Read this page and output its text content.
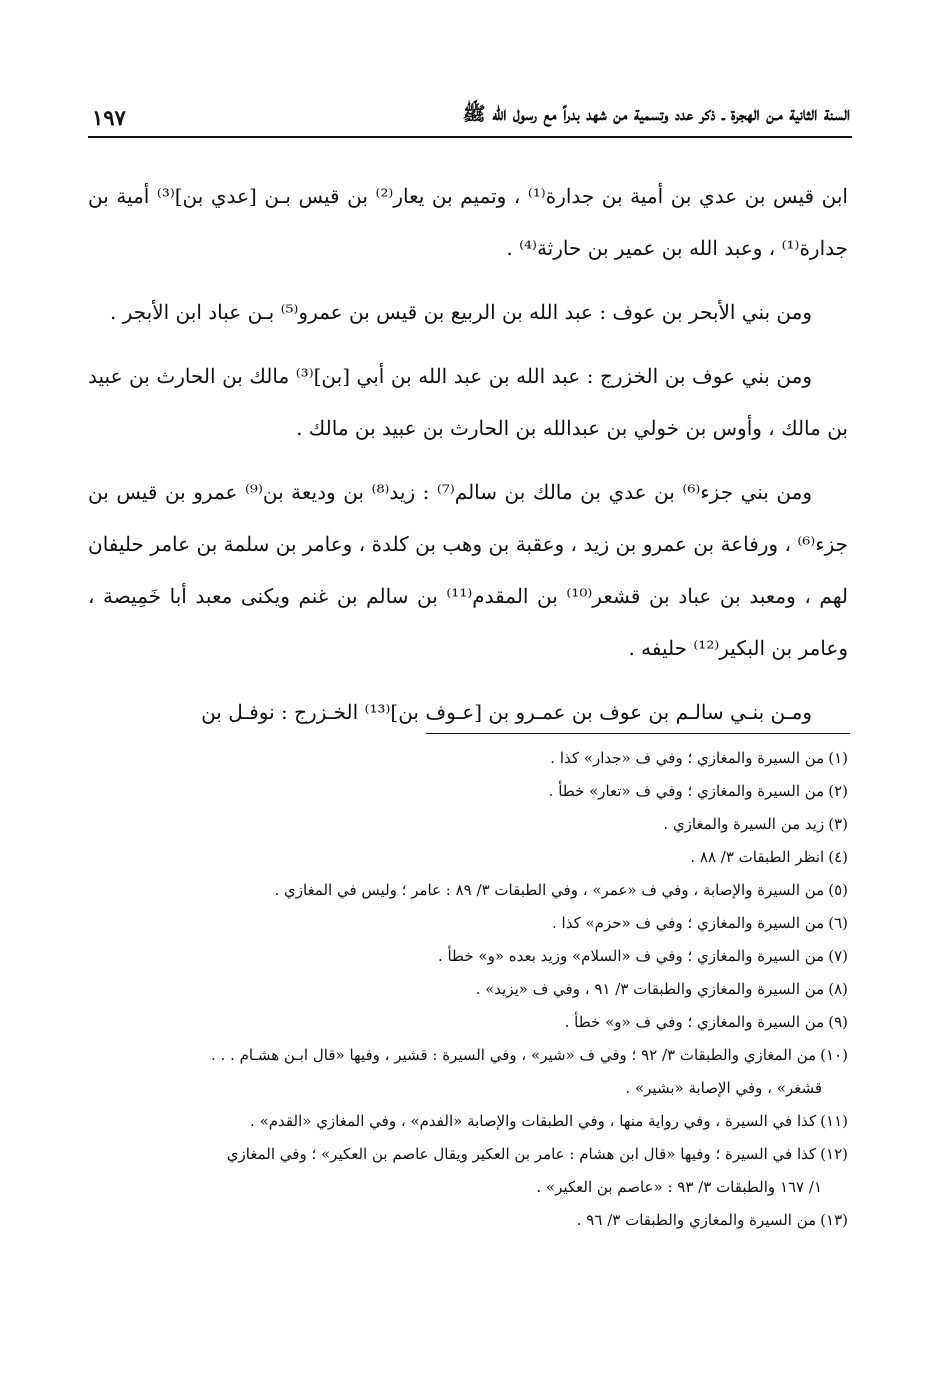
السنة الثانية مـن الهجرة ـ ذكر عدد وتسمية من شهد بدراً مع رسول الله ﷺ
١٩٧

ابن قيس بن عدي بن أمية بن جدارة⁽¹⁾ ، وتميم بن يعار⁽²⁾ بن قيس بـن [عدي بن]⁽³⁾ أمية بن جدارة⁽¹⁾ ، وعبد الله بن عمير بن حارثة⁽⁴⁾ .

ومن بني الأبحر بن عوف : عبد الله بن الربيع بن قيس بن عمرو⁽⁵⁾ بـن عباد ابن الأبجر .

ومن بني عوف بن الخزرج : عبد الله بن عبد الله بن أبي [بن]⁽³⁾ مالك بن الحارث بن عبيد بن مالك ، وأوس بن خولي بن عبدالله بن الحارث بن عبيد بن مالك .

ومن بني جزء⁽⁶⁾ بن عدي بن مالك بن سالم⁽⁷⁾ : زيد⁽⁸⁾ بن وديعة بن⁽⁹⁾ عمرو بن قيس بن جزء⁽⁶⁾ ، ورفاعة بن عمرو بن زيد ، وعقبة بن وهب بن كلدة ، وعامر بن سلمة بن عامر حليفان لهم ، ومعبد بن عباد بن قشعر⁽¹⁰⁾ بن المقدم⁽¹¹⁾ بن سالم بن غنم ويكنى معبد أبا خَمِيصة ، وعامر بن البكير⁽¹²⁾ حليفه .

ومـن بنـي سالـم بن عوف بن عمـرو بن [عـوف بن]⁽¹³⁾ الخـزرج : نوفـل بن

(١)من السيرة والمغازي ؛ وفي ف «جدار» كذا .

(٢)من السيرة والمغازي ؛ وفي ف «تعار» خطأ .

(٣)زيد من السيرة والمغازي .

(٤)انظر الطبقات ٣/ ٨٨ .

(٥)من السيرة والإصابة ، وفي ف «عمر» ، وفي الطبقات ٣/ ٨٩ : عامر ؛ وليس في المغازي .

(٦)من السيرة والمغازي ؛ وفي ف «حزم» كذا .

(٧)من السيرة والمغازي ؛ وفي ف «السلام» وزيد بعده «و» خطأ .

(٨)من السيرة والمغازي والطبقات ٣/ ٩١ ، وفي ف «يزيد» .

(٩)من السيرة والمغازي ؛ وفي ف «و» خطأ .

(١٠)من المغازي والطبقات ٣/ ٩٢ ؛ وفي ف «شير» ، وفي السيرة : قشير ، وفيها «قال ابـن هشـام . . .
قشغر» ، وفي الإصابة «بشير» .

(١١)كذا في السيرة ، وفي رواية منها ، وفي الطبقات والإصابة «الفدم» ، وفي المغازي «القدم» .

(١٢)كذا في السيرة ؛ وفيها «قال ابن هشام : عامر بن العكير ويقال عاصم بن العكير» ؛ وفي المغازي
١/ ١٦٧ والطبقات ٣/ ٩٣ : «عاصم بن العكير» .

(١٣)من السيرة والمغازي والطبقات ٣/ ٩٦ .
